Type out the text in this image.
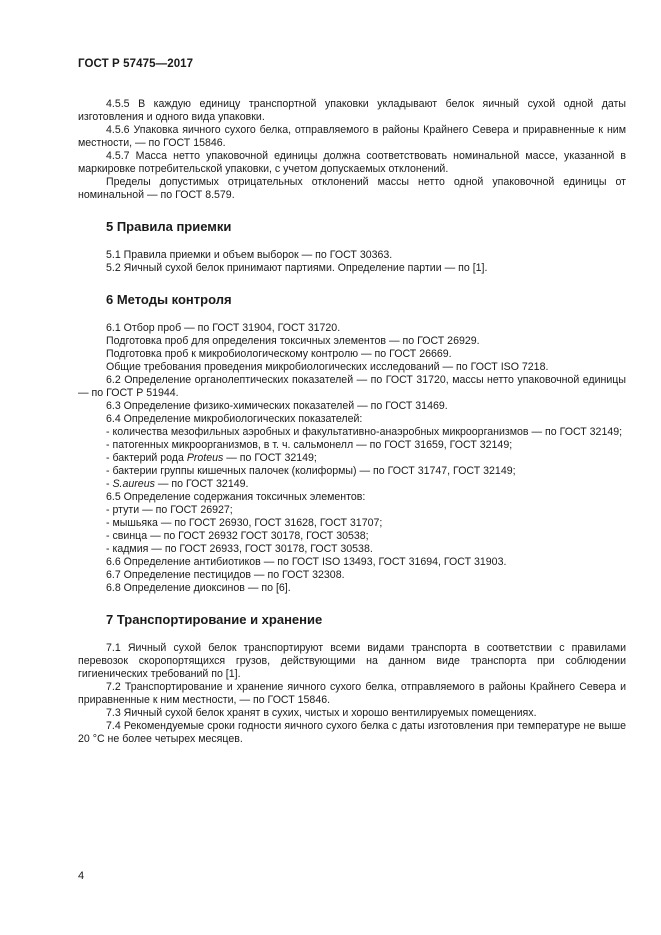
ГОСТ Р 57475—2017

4.5.5 В каждую единицу транспортной упаковки укладывают белок яичный сухой одной даты изготовления и одного вида упаковки.

4.5.6 Упаковка яичного сухого белка, отправляемого в районы Крайнего Севера и приравненные к ним местности, — по ГОСТ 15846.

4.5.7 Масса нетто упаковочной единицы должна соответствовать номинальной массе, указанной в маркировке потребительской упаковки, с учетом допускаемых отклонений.

Пределы допустимых отрицательных отклонений массы нетто одной упаковочной единицы от номинальной — по ГОСТ 8.579.

5 Правила приемки

5.1 Правила приемки и объем выборок — по ГОСТ 30363.

5.2 Яичный сухой белок принимают партиями. Определение партии — по [1].

6 Методы контроля

6.1 Отбор проб — по ГОСТ 31904, ГОСТ 31720.

Подготовка проб для определения токсичных элементов — по ГОСТ 26929.

Подготовка проб к микробиологическому контролю — по ГОСТ 26669.

Общие требования проведения микробиологических исследований — по ГОСТ ISO 7218.

6.2 Определение органолептических показателей — по ГОСТ 31720, массы нетто упаковочной единицы — по ГОСТ Р 51944.

6.3 Определение физико-химических показателей — по ГОСТ 31469.

6.4 Определение микробиологических показателей:

- количества мезофильных аэробных и факультативно-анаэробных микроорганизмов — по ГОСТ 32149;

- патогенных микроорганизмов, в т. ч. сальмонелл — по ГОСТ 31659, ГОСТ 32149;

- бактерий рода Proteus — по ГОСТ 32149;

- бактерии группы кишечных палочек (колиформы) — по ГОСТ 31747, ГОСТ 32149;

- S.aureus — по ГОСТ 32149.

6.5 Определение содержания токсичных элементов:

- ртути — по ГОСТ 26927;

- мышьяка — по ГОСТ 26930, ГОСТ 31628, ГОСТ 31707;

- свинца — по ГОСТ 26932 ГОСТ 30178, ГОСТ 30538;

- кадмия — по ГОСТ 26933, ГОСТ 30178, ГОСТ 30538.

6.6 Определение антибиотиков — по ГОСТ ISO 13493, ГОСТ 31694, ГОСТ 31903.

6.7 Определение пестицидов — по ГОСТ 32308.

6.8 Определение диоксинов — по [6].

7 Транспортирование и хранение

7.1 Яичный сухой белок транспортируют всеми видами транспорта в соответствии с правилами перевозок скоропортящихся грузов, действующими на данном виде транспорта при соблюдении гигиенических требований по [1].

7.2 Транспортирование и хранение яичного сухого белка, отправляемого в районы Крайнего Севера и приравненные к ним местности, — по ГОСТ 15846.

7.3 Яичный сухой белок хранят в сухих, чистых и хорошо вентилируемых помещениях.

7.4 Рекомендуемые сроки годности яичного сухого белка с даты изготовления при температуре не выше 20 °С не более четырех месяцев.

4
